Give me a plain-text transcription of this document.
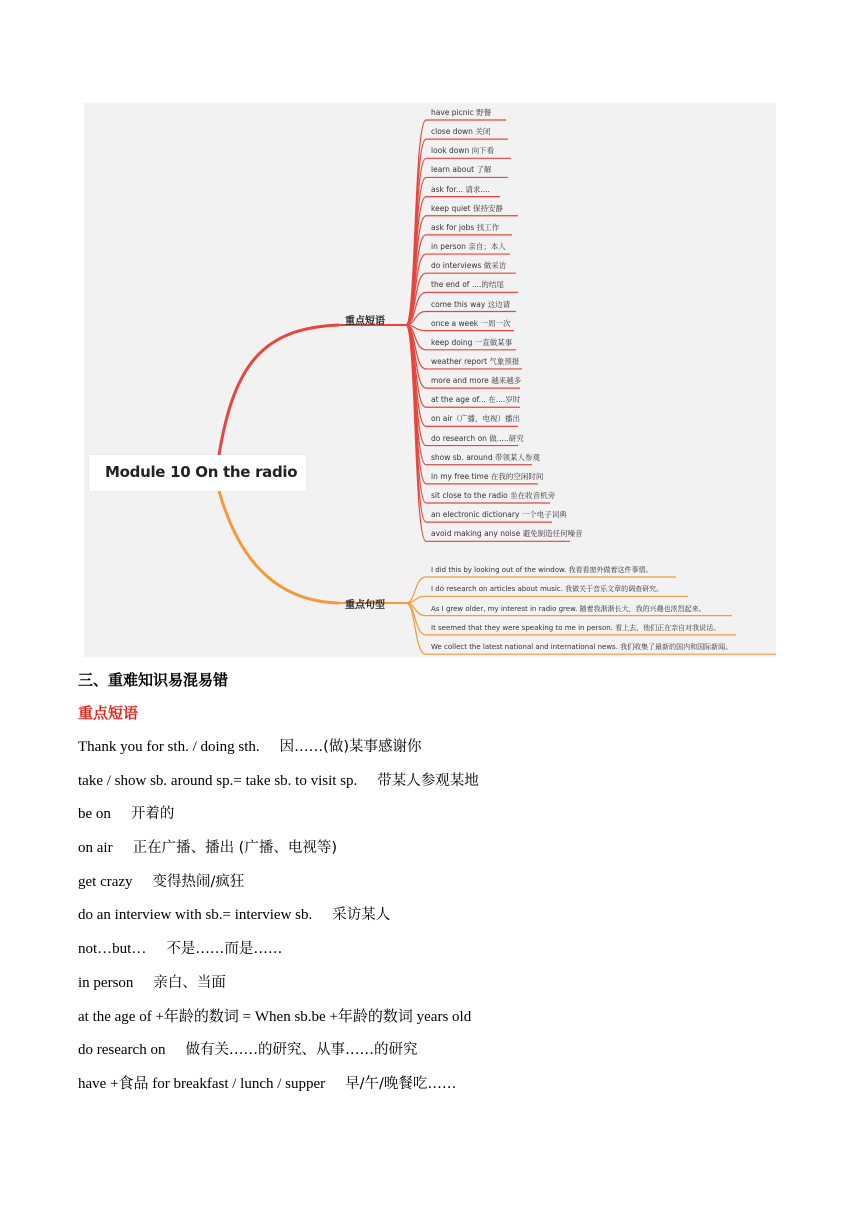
Module 10 On the radio
重点短语
重点句型
have picnic 野餐
close down 关闭
look down 向下看
learn about 了解
ask for... 请求....
keep quiet 保持安静
ask for jobs 找工作
in person 亲自；本人
do interviews 做采访
the end of ....的结尾
come this way 这边请
once a week 一周一次
keep doing 一直做某事
weather report 气象预报
more and more 越来越多
at the age of... 在....岁时
on air（广播，电视）播出
do research on 做.....研究
show sb. around 带领某人参观
in my free time 在我的空闲时间
sit close to the radio 坐在收音机旁
an electronic dictionary 一个电子词典
avoid making any noise 避免制造任何噪音
I did this by looking out of the window. 我看看窗外做着这件事情。
I do research on articles about music. 我做关于音乐文章的调查研究。
As I grew older, my interest in radio grew. 随着我渐渐长大，我的兴趣也浓烈起来。
It seemed that they were speaking to me in person. 看上去，他们正在亲自对我说话。
We collect the latest national and international news. 我们收集了最新的国内和国际新闻。
三、重难知识易混易错
重点短语
Thank you for sth. / doing sth. 因……(做)某事感谢你
take / show sb. around sp.= take sb. to visit sp. 带某人参观某地
be on 开着的
on air 正在广播、播出 (广播、电视等)
get crazy 变得热闹/疯狂
do an interview with sb.= interview sb. 采访某人
not…but… 不是……而是……
in person 亲白、当面
at the age of +年龄的数词 = When sb.be +年龄的数词 years old
do research on 做有关……的研究、从事……的研究
have +食品 for breakfast / lunch / supper 早/午/晚餐吃……
